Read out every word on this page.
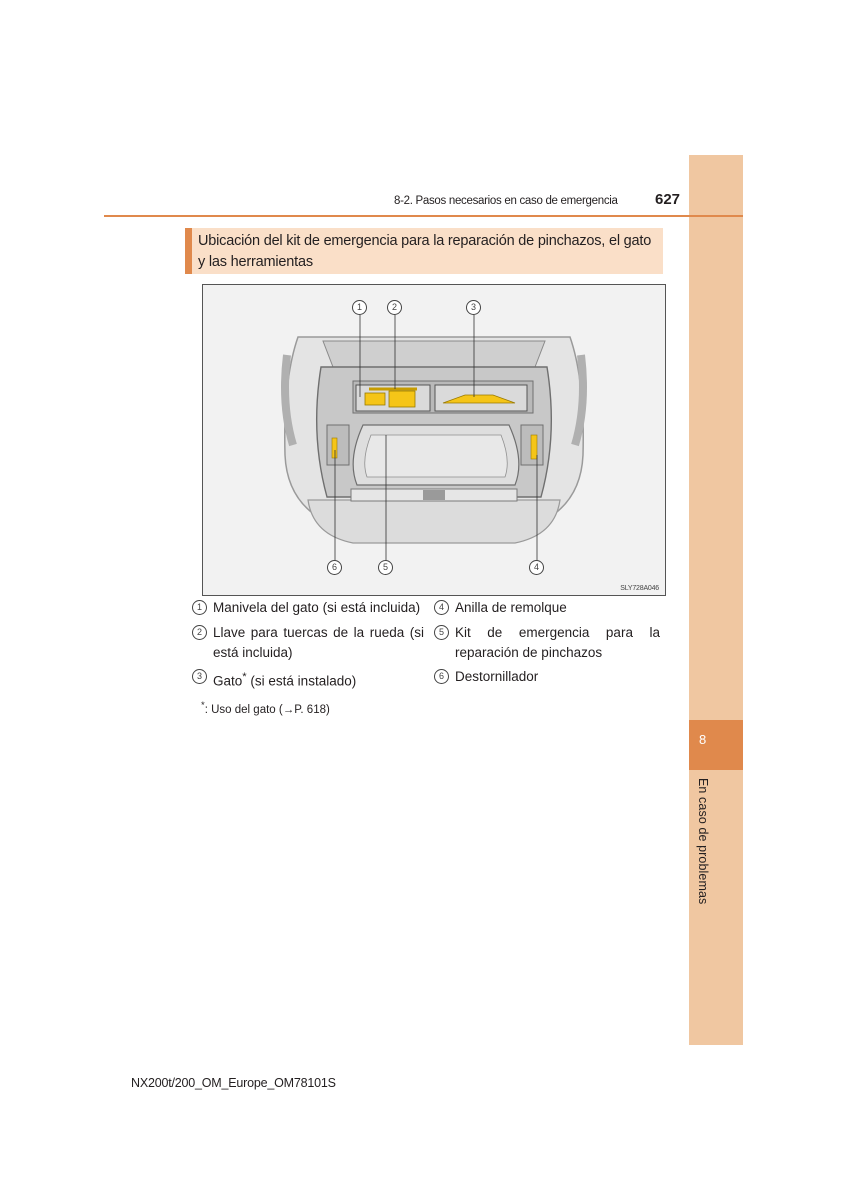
8
En caso de problemas
8-2. Pasos necesarios en caso de emergencia 627
Ubicación del kit de emergencia para la reparación de pinchazos, el gato y las herramientas
1	2	3
4
5
6
SLY728A046
1 Manivela del gato (si está incluida)
2 Llave para tuercas de la rueda (si está incluida)
3 Gato* (si está instalado)
4 Anilla de remolque
5 Kit de emergencia para la reparación de pinchazos
6 Destornillador
*: Uso del gato (→P. 618)
NX200t/200_OM_Europe_OM78101S
